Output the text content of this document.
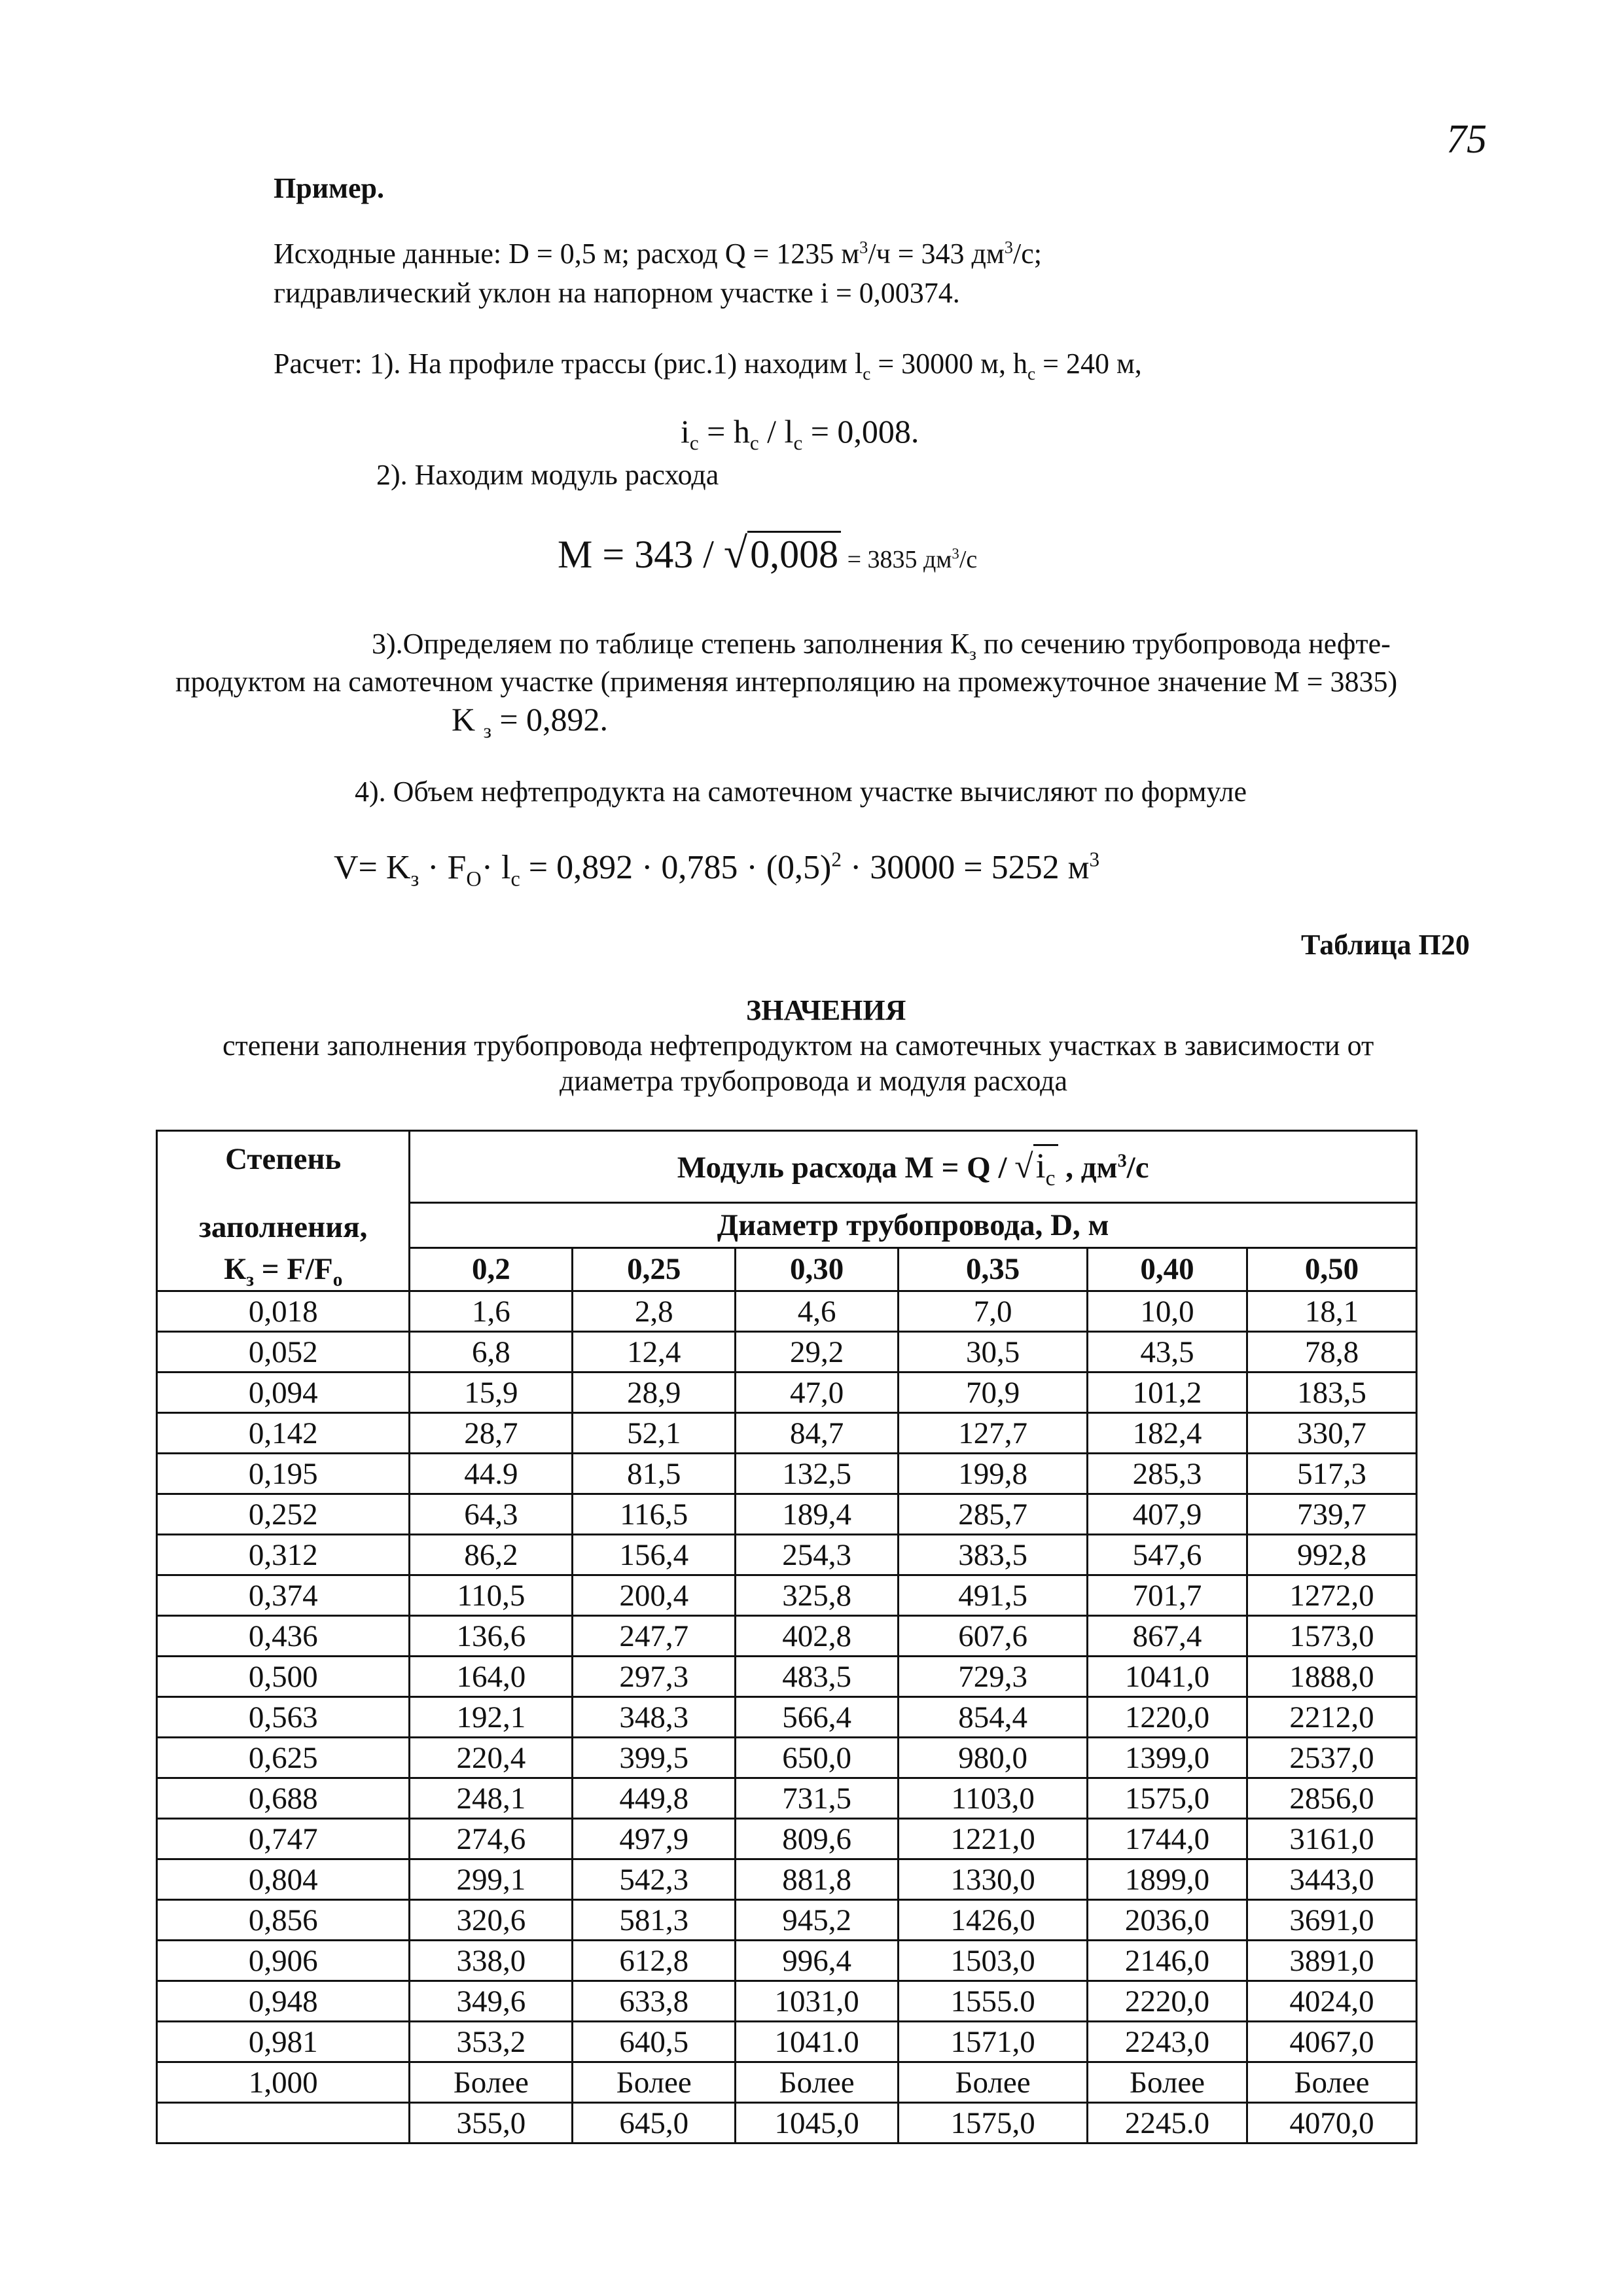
75
Пример.
Исходные данные: D = 0,5 м; расход Q = 1235 $м^3/ч = 343$ $дм^3/с$;
гидравлический уклон на напорном участке i = 0,00374.
Расчет: 1). На профиле трассы (рис.1) находим $l_c = 30000$ м, $h_c = 240$ м,
$i_c = h_c / l_c = 0,008$.
2). Находим модуль расхода
M = 343 / √0,008 = 3835 $дм^3/с$
3).Определяем по таблице степень заполнения $К_з$ по сечению трубопровода нефте-
продуктом на самотечном участке (применяя интерполяцию на промежуточное значение М = 3835)
K $_з$ = 0,892.
4). Объем нефтепродукта на самотечном участке вычисляют по формуле
$V= K_з \cdot F_O\cdot l_c = 0,892 \cdot 0,785 \cdot (0,5)^2 \cdot 30000 = 5252$ $м^3$
Таблица П20
ЗНАЧЕНИЯ
степени заполнения трубопровода нефтепродуктом на самотечных участках в зависимости от
диаметра трубопровода и модуля расхода
Степень
заполнения,
$К_з = F/F_o$	Модуль расхода $М = Q / √i_c$ , $дм^3/с$					
	Диаметр трубопровода, D, м					
	0,2	0,25	0,30	0,35	0,40	0,50
0,018	1,6	2,8	4,6	7,0	10,0	18,1
0,052	6,8	12,4	29,2	30,5	43,5	78,8
0,094	15,9	28,9	47,0	70,9	101,2	183,5
0,142	28,7	52,1	84,7	127,7	182,4	330,7
0,195	44.9	81,5	132,5	199,8	285,3	517,3
0,252	64,3	116,5	189,4	285,7	407,9	739,7
0,312	86,2	156,4	254,3	383,5	547,6	992,8
0,374	110,5	200,4	325,8	491,5	701,7	1272,0
0,436	136,6	247,7	402,8	607,6	867,4	1573,0
0,500	164,0	297,3	483,5	729,3	1041,0	1888,0
0,563	192,1	348,3	566,4	854,4	1220,0	2212,0
0,625	220,4	399,5	650,0	980,0	1399,0	2537,0
0,688	248,1	449,8	731,5	1103,0	1575,0	2856,0
0,747	274,6	497,9	809,6	1221,0	1744,0	3161,0
0,804	299,1	542,3	881,8	1330,0	1899,0	3443,0
0,856	320,6	581,3	945,2	1426,0	2036,0	3691,0
0,906	338,0	612,8	996,4	1503,0	2146,0	3891,0
0,948	349,6	633,8	1031,0	1555.0	2220,0	4024,0
0,981	353,2	640,5	1041.0	1571,0	2243,0	4067,0
1,000	Более	Более	Более	Более	Более	Более
	355,0	645,0	1045,0	1575,0	2245.0	4070,0
